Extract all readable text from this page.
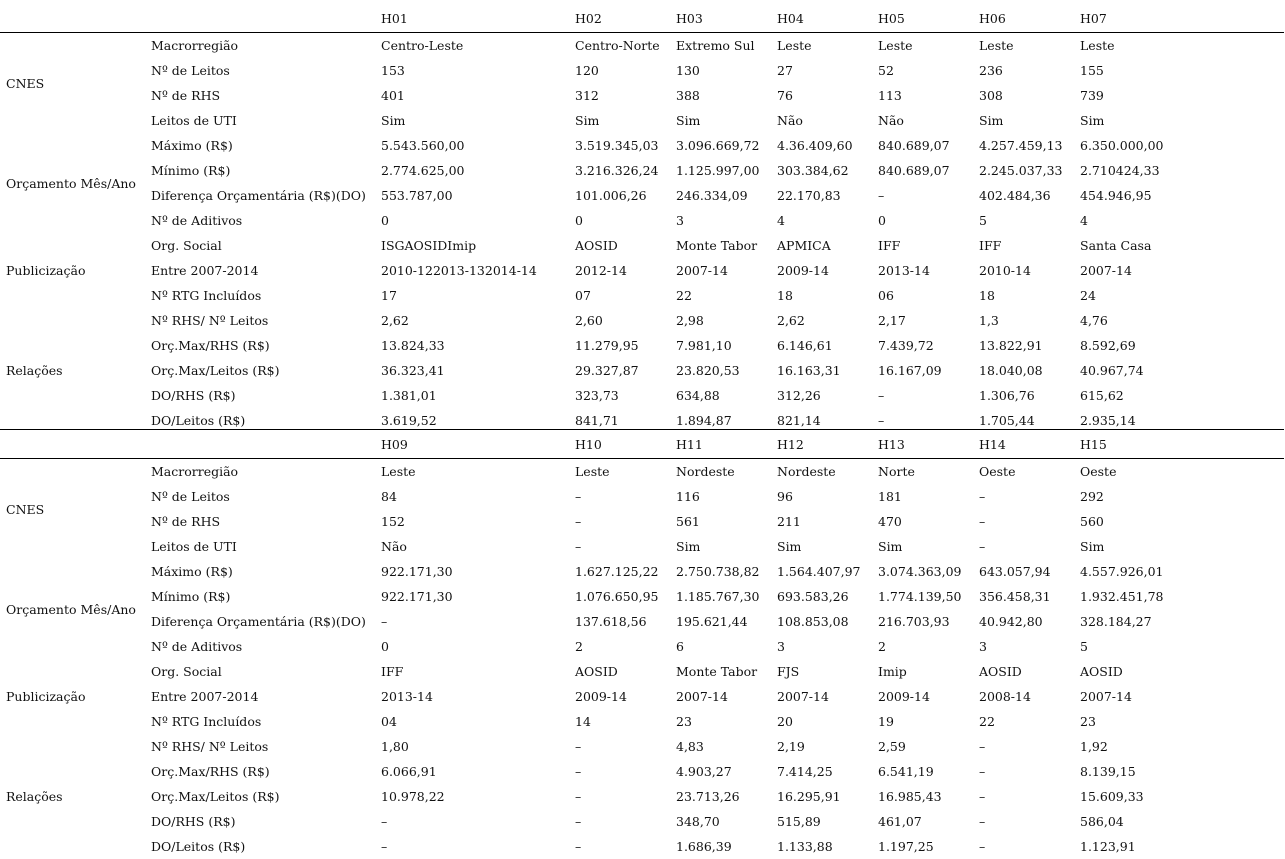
		H01	H02	H03	H04	H05	H06	H07	
CNES	Macrorregião	Centro-Leste	Centro-Norte	Extremo Sul	Leste	Leste	Leste	Leste	
	Nº de Leitos	153	120	130	27	52	236	155	
	Nº de RHS	401	312	388	76	113	308	739	
	Leitos de UTI	Sim	Sim	Sim	Não	Não	Sim	Sim	
Orçamento Mês/Ano	Máximo (R$)	5.543.560,00	3.519.345,03	3.096.669,72	4.36.409,60	840.689,07	4.257.459,13	6.350.000,00	
	Mínimo (R$)	2.774.625,00	3.216.326,24	1.125.997,00	303.384,62	840.689,07	2.245.037,33	2.710424,33	
	Diferença Orçamentária (R$)(DO)	553.787,00	101.006,26	246.334,09	22.170,83	–	402.484,36	454.946,95	
	Nº de Aditivos	0	0	3	4	0	5	4	
Publicização	Org. Social	ISGAOSIDImip	AOSID	Monte Tabor	APMICA	IFF	IFF	Santa Casa	
	Entre 2007-2014	2010-122013-132014-14	2012-14	2007-14	2009-14	2013-14	2010-14	2007-14	
	Nº RTG Incluídos	17	07	22	18	06	18	24	
Relações	Nº RHS/ Nº Leitos	2,62	2,60	2,98	2,62	2,17	1,3	4,76	
	Orç.Max/RHS (R$)	13.824,33	11.279,95	7.981,10	6.146,61	7.439,72	13.822,91	8.592,69	
	Orç.Max/Leitos (R$)	36.323,41	29.327,87	23.820,53	16.163,31	16.167,09	18.040,08	40.967,74	
	DO/RHS (R$)	1.381,01	323,73	634,88	312,26	–	1.306,76	615,62	
	DO/Leitos (R$)	3.619,52	841,71	1.894,87	821,14	–	1.705,44	2.935,14	
		H09	H10	H11	H12	H13	H14	H15	
CNES	Macrorregião	Leste	Leste	Nordeste	Nordeste	Norte	Oeste	Oeste	
	Nº de Leitos	84	–	116	96	181	–	292	
	Nº de RHS	152	–	561	211	470	–	560	
	Leitos de UTI	Não	–	Sim	Sim	Sim	–	Sim	
Orçamento Mês/Ano	Máximo (R$)	922.171,30	1.627.125,22	2.750.738,82	1.564.407,97	3.074.363,09	643.057,94	4.557.926,01	
	Mínimo (R$)	922.171,30	1.076.650,95	1.185.767,30	693.583,26	1.774.139,50	356.458,31	1.932.451,78	
	Diferença Orçamentária (R$)(DO)	–	137.618,56	195.621,44	108.853,08	216.703,93	40.942,80	328.184,27	
	Nº de Aditivos	0	2	6	3	2	3	5	
Publicização	Org. Social	IFF	AOSID	Monte Tabor	FJS	Imip	AOSID	AOSID	
	Entre 2007-2014	2013-14	2009-14	2007-14	2007-14	2009-14	2008-14	2007-14	
	Nº RTG Incluídos	04	14	23	20	19	22	23	
Relações	Nº RHS/ Nº Leitos	1,80	–	4,83	2,19	2,59	–	1,92	
	Orç.Max/RHS (R$)	6.066,91	–	4.903,27	7.414,25	6.541,19	–	8.139,15	
	Orç.Max/Leitos (R$)	10.978,22	–	23.713,26	16.295,91	16.985,43	–	15.609,33	
	DO/RHS (R$)	–	–	348,70	515,89	461,07	–	586,04	
	DO/Leitos (R$)	–	–	1.686,39	1.133,88	1.197,25	–	1.123,91	
